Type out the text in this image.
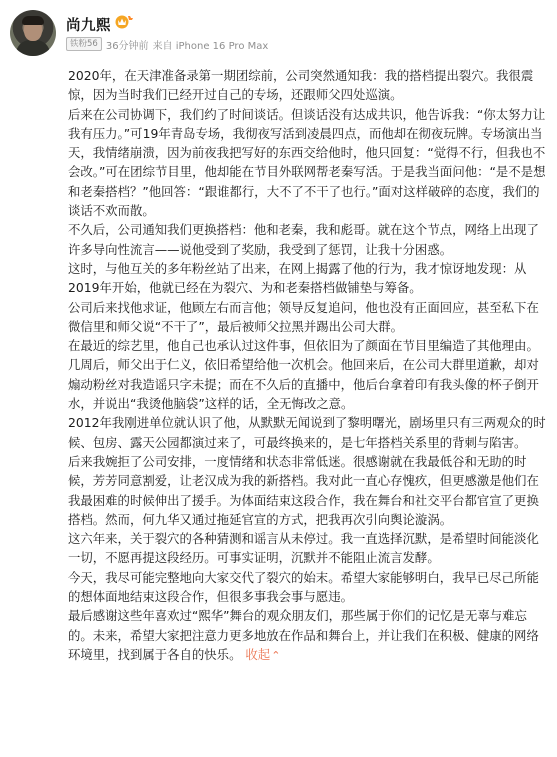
尚九熙
铁粉56 36分钟前 来自 iPhone 16 Pro Max

2020年，在天津准备录第一期团综前，公司突然通知我：我的搭档提出裂穴。我很震惊，因为当时我们已经开过自己的专场，还跟师父四处巡演。

后来在公司协调下，我们约了时间谈话。但谈话没有达成共识，他告诉我：“你太努力让我有压力。”可19年青岛专场，我彻夜写活到凌晨四点，而他却在彻夜玩牌。专场演出当天，我情绪崩溃，因为前夜我把写好的东西交给他时，他只回复：“觉得不行，但我也不会改。”可在团综节目里，他却能在节目外联网帮老秦写活。于是我当面问他：“是不是想和老秦搭档？”他回答：“跟谁都行，大不了不干了也行。”面对这样破碎的态度，我们的谈话不欢而散。

不久后，公司通知我们更换搭档：他和老秦，我和彪哥。就在这个节点，网络上出现了许多导向性流言——说他受到了奖励，我受到了惩罚，让我十分困惑。

这时，与他互关的多年粉丝站了出来，在网上揭露了他的行为，我才惊讶地发现：从2019年开始，他就已经在为裂穴、为和老秦搭档做铺垫与筹备。

公司后来找他求证，他顾左右而言他；领导反复追问，他也没有正面回应，甚至私下在微信里和师父说“不干了”，最后被师父拉黑并踢出公司大群。

在最近的综艺里，他自己也承认过这件事，但依旧为了颜面在节目里编造了其他理由。

几周后，师父出于仁义，依旧希望给他一次机会。他回来后，在公司大群里道歉，却对煽动粉丝对我造谣只字未提；而在不久后的直播中，他后台拿着印有我头像的杯子倒开水，并说出“我烫他脑袋”这样的话，全无悔改之意。

2012年我刚进单位就认识了他，从默默无闻说到了黎明曙光，剧场里只有三两观众的时候、包房、露天公园都演过来了，可最终换来的，是七年搭档关系里的背刺与陷害。

后来我婉拒了公司安排，一度情绪和状态非常低迷。很感谢就在我最低谷和无助的时候，芳芳同意割爱，让老汉成为我的新搭档。我对此一直心存愧疚，但更感激是他们在我最困难的时候伸出了援手。为体面结束这段合作，我在舞台和社交平台都官宣了更换搭档。然而，何九华又通过拖延官宣的方式，把我再次引向舆论漩涡。

这六年来，关于裂穴的各种猜测和谣言从未停过。我一直选择沉默，是希望时间能淡化一切，不愿再提这段经历。可事实证明，沉默并不能阻止流言发酵。

今天，我尽可能完整地向大家交代了裂穴的始末。希望大家能够明白，我早已尽己所能的想体面地结束这段合作，但很多事我会事与愿违。

最后感谢这些年喜欢过“熙华”舞台的观众朋友们，那些属于你们的记忆是无辜与难忘的。未来，希望大家把注意力更多地放在作品和舞台上，并让我们在积极、健康的网络环境里，找到属于各自的快乐。 收起⌃
